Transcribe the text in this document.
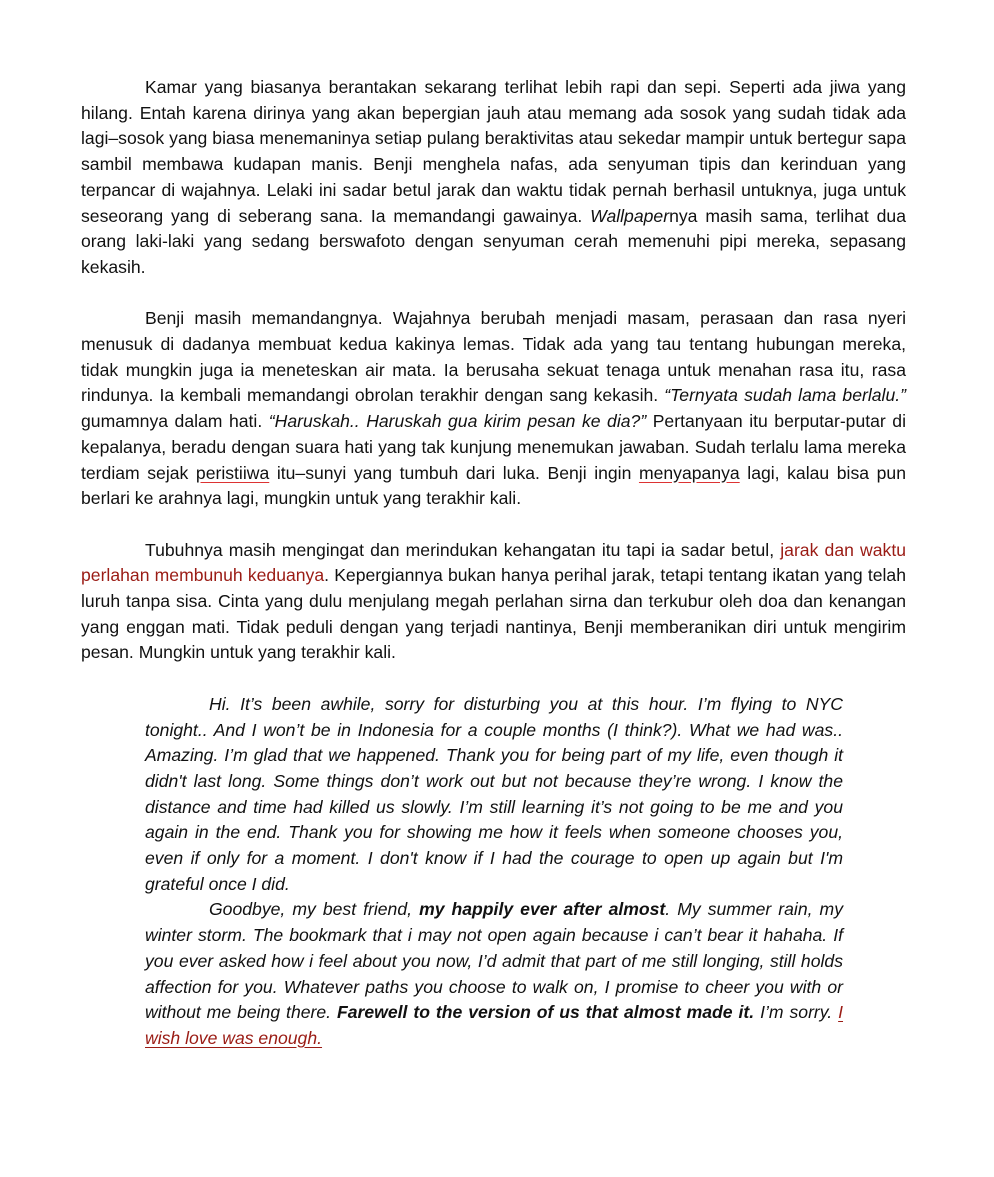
Kamar yang biasanya berantakan sekarang terlihat lebih rapi dan sepi. Seperti ada jiwa yang hilang. Entah karena dirinya yang akan bepergian jauh atau memang ada sosok yang sudah tidak ada lagi–sosok yang biasa menemaninya setiap pulang beraktivitas atau sekedar mampir untuk bertegur sapa sambil membawa kudapan manis. Benji menghela nafas, ada senyuman tipis dan kerinduan yang terpancar di wajahnya. Lelaki ini sadar betul jarak dan waktu tidak pernah berhasil untuknya, juga untuk seseorang yang di seberang sana. Ia memandangi gawainya. Wallpapernya masih sama, terlihat dua orang laki-laki yang sedang berswafoto dengan senyuman cerah memenuhi pipi mereka, sepasang kekasih.

Benji masih memandangnya. Wajahnya berubah menjadi masam, perasaan dan rasa nyeri menusuk di dadanya membuat kedua kakinya lemas. Tidak ada yang tau tentang hubungan mereka, tidak mungkin juga ia meneteskan air mata. Ia berusaha sekuat tenaga untuk menahan rasa itu, rasa rindunya. Ia kembali memandangi obrolan terakhir dengan sang kekasih. “Ternyata sudah lama berlalu.” gumamnya dalam hati. “Haruskah.. Haruskah gua kirim pesan ke dia?” Pertanyaan itu berputar-putar di kepalanya, beradu dengan suara hati yang tak kunjung menemukan jawaban. Sudah terlalu lama mereka terdiam sejak peristiiwa itu–sunyi yang tumbuh dari luka. Benji ingin menyapanya lagi, kalau bisa pun berlari ke arahnya lagi, mungkin untuk yang terakhir kali.

Tubuhnya masih mengingat dan merindukan kehangatan itu tapi ia sadar betul, jarak dan waktu perlahan membunuh keduanya. Kepergiannya bukan hanya perihal jarak, tetapi tentang ikatan yang telah luruh tanpa sisa. Cinta yang dulu menjulang megah perlahan sirna dan terkubur oleh doa dan kenangan yang enggan mati. Tidak peduli dengan yang terjadi nantinya, Benji memberanikan diri untuk mengirim pesan. Mungkin untuk yang terakhir kali.

Hi. It’s been awhile, sorry for disturbing you at this hour. I’m flying to NYC tonight.. And I won’t be in Indonesia for a couple months (I think?). What we had was.. Amazing. I’m glad that we happened. Thank you for being part of my life, even though it didn't last long. Some things don’t work out but not because they’re wrong. I know the distance and time had killed us slowly. I’m still learning it’s not going to be me and you again in the end. Thank you for showing me how it feels when someone chooses you, even if only for a moment. I don't know if I had the courage to open up again but I'm grateful once I did.

Goodbye, my best friend, my happily ever after almost. My summer rain, my winter storm. The bookmark that i may not open again because i can’t bear it hahaha. If you ever asked how i feel about you now, I’d admit that part of me still longing, still holds affection for you. Whatever paths you choose to walk on, I promise to cheer you with or without me being there. Farewell to the version of us that almost made it. I’m sorry. I wish love was enough.
